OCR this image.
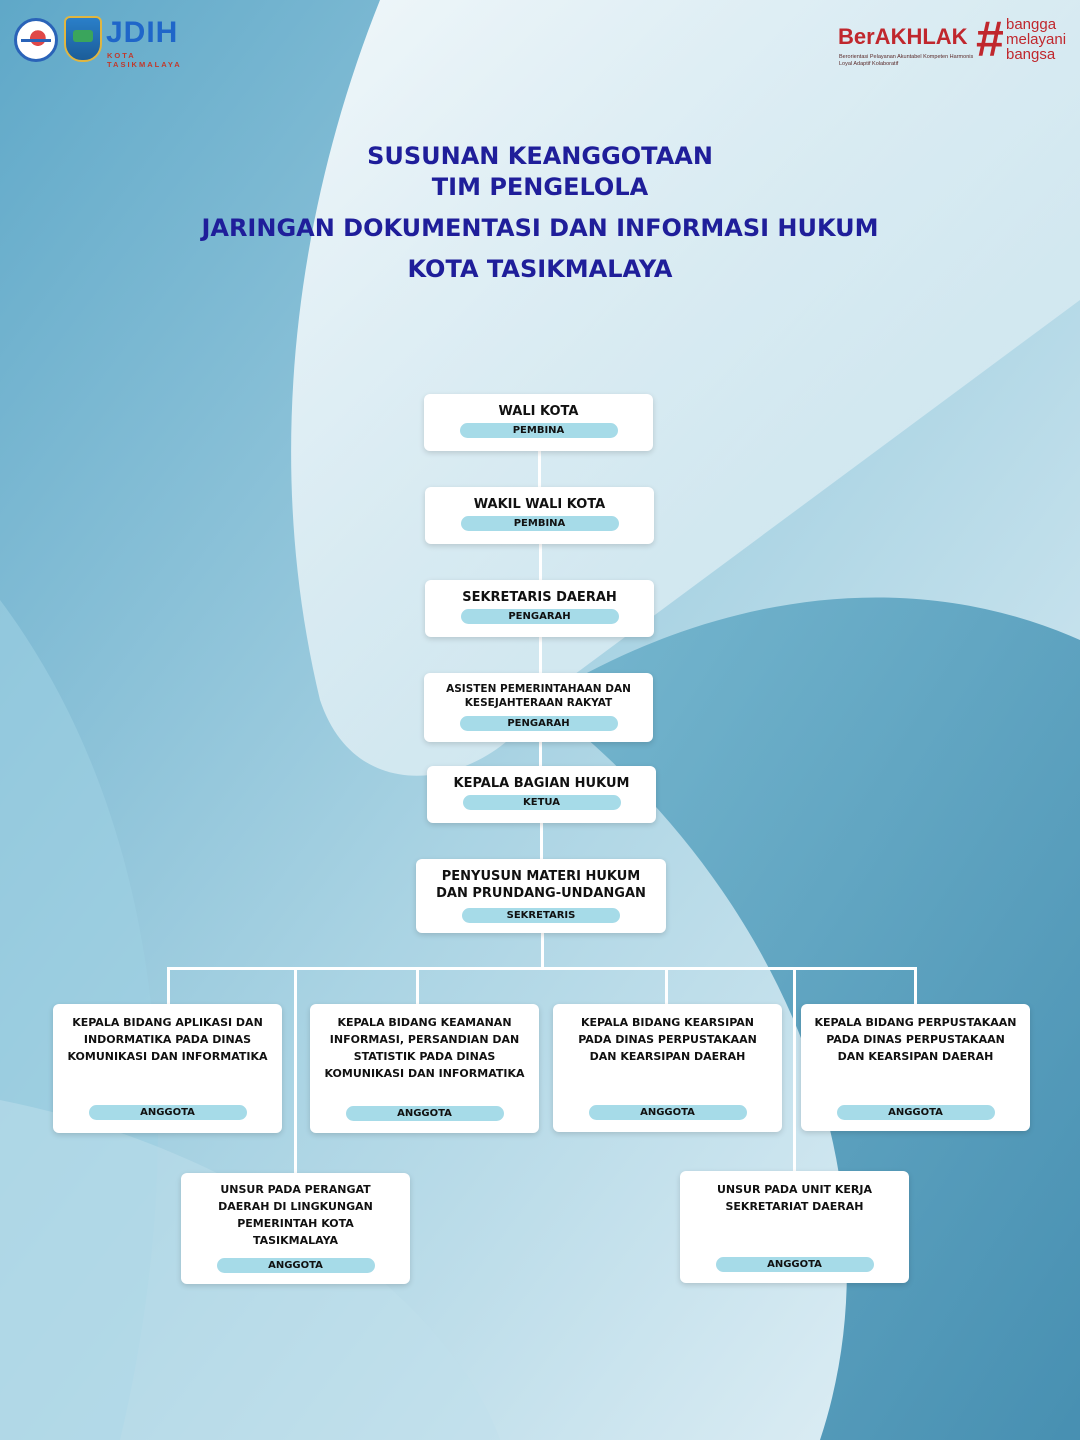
JDIH
KOTA TASIKMALAYA
BerAKHLAK
Berorientasi Pelayanan Akuntabel Kompeten Harmonis Loyal Adaptif Kolaboratif	# bangga
melayani
bangsa
SUSUNAN KEANGGOTAAN
TIM PENGELOLA
JARINGAN DOKUMENTASI DAN INFORMASI HUKUM
KOTA TASIKMALAYA
WALI KOTA
PEMBINA
WAKIL WALI KOTA
PEMBINA
SEKRETARIS DAERAH
PENGARAH
ASISTEN PEMERINTAHAAN DAN KESEJAHTERAAN RAKYAT
PENGARAH
KEPALA BAGIAN HUKUM
KETUA
PENYUSUN MATERI HUKUM DAN PRUNDANG-UNDANGAN
SEKRETARIS
KEPALA BIDANG APLIKASI DAN INDORMATIKA PADA DINAS KOMUNIKASI DAN INFORMATIKA
ANGGOTA
KEPALA BIDANG KEAMANAN INFORMASI, PERSANDIAN DAN STATISTIK PADA DINAS KOMUNIKASI DAN INFORMATIKA
ANGGOTA
KEPALA BIDANG KEARSIPAN PADA DINAS PERPUSTAKAAN DAN KEARSIPAN DAERAH
ANGGOTA
KEPALA BIDANG PERPUSTAKAAN PADA DINAS PERPUSTAKAAN DAN KEARSIPAN DAERAH
ANGGOTA
UNSUR PADA PERANGAT DAERAH DI LINGKUNGAN PEMERINTAH KOTA TASIKMALAYA
ANGGOTA
UNSUR PADA UNIT KERJA SEKRETARIAT DAERAH
ANGGOTA
